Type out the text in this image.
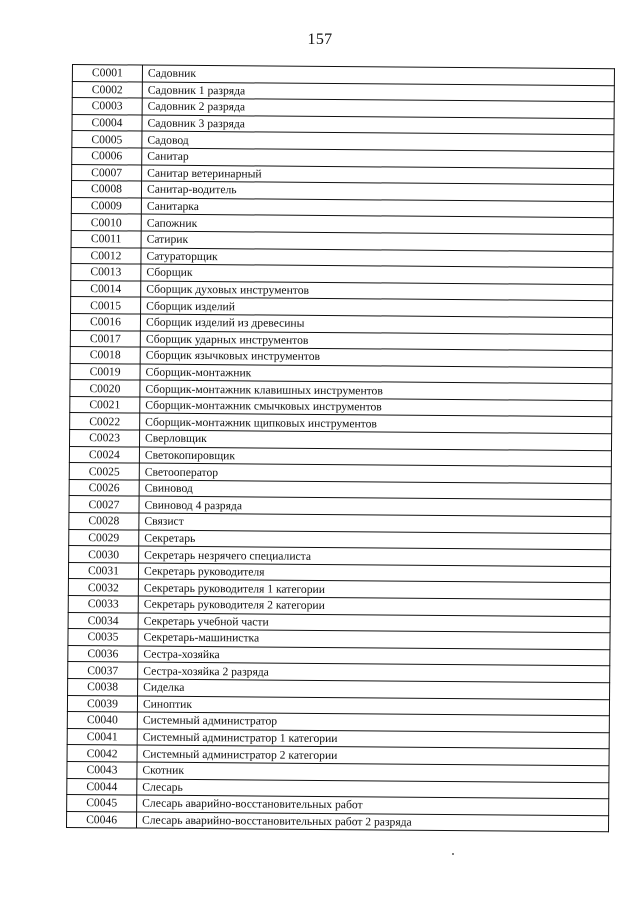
157
С0001	Садовник
С0002	Садовник 1 разряда
С0003	Садовник 2 разряда
С0004	Садовник 3 разряда
С0005	Садовод
С0006	Санитар
С0007	Санитар ветеринарный
С0008	Санитар-водитель
С0009	Санитарка
С0010	Сапожник
С0011	Сатирик
С0012	Сатураторщик
С0013	Сборщик
С0014	Сборщик духовых инструментов
С0015	Сборщик изделий
С0016	Сборщик изделий из древесины
С0017	Сборщик ударных инструментов
С0018	Сборщик язычковых инструментов
С0019	Сборщик-монтажник
С0020	Сборщик-монтажник клавишных инструментов
С0021	Сборщик-монтажник смычковых инструментов
С0022	Сборщик-монтажник щипковых инструментов
С0023	Сверловщик
С0024	Светокопировщик
С0025	Светооператор
С0026	Свиновод
С0027	Свиновод 4 разряда
С0028	Связист
С0029	Секретарь
С0030	Секретарь незрячего специалиста
С0031	Секретарь руководителя
С0032	Секретарь руководителя 1 категории
С0033	Секретарь руководителя 2 категории
С0034	Секретарь учебной части
С0035	Секретарь-машинистка
С0036	Сестра-хозяйка
С0037	Сестра-хозяйка 2 разряда
С0038	Сиделка
С0039	Синоптик
С0040	Системный администратор
С0041	Системный администратор 1 категории
С0042	Системный администратор 2 категории
С0043	Скотник
С0044	Слесарь
С0045	Слесарь аварийно-восстановительных работ
С0046	Слесарь аварийно-восстановительных работ 2 разряда
